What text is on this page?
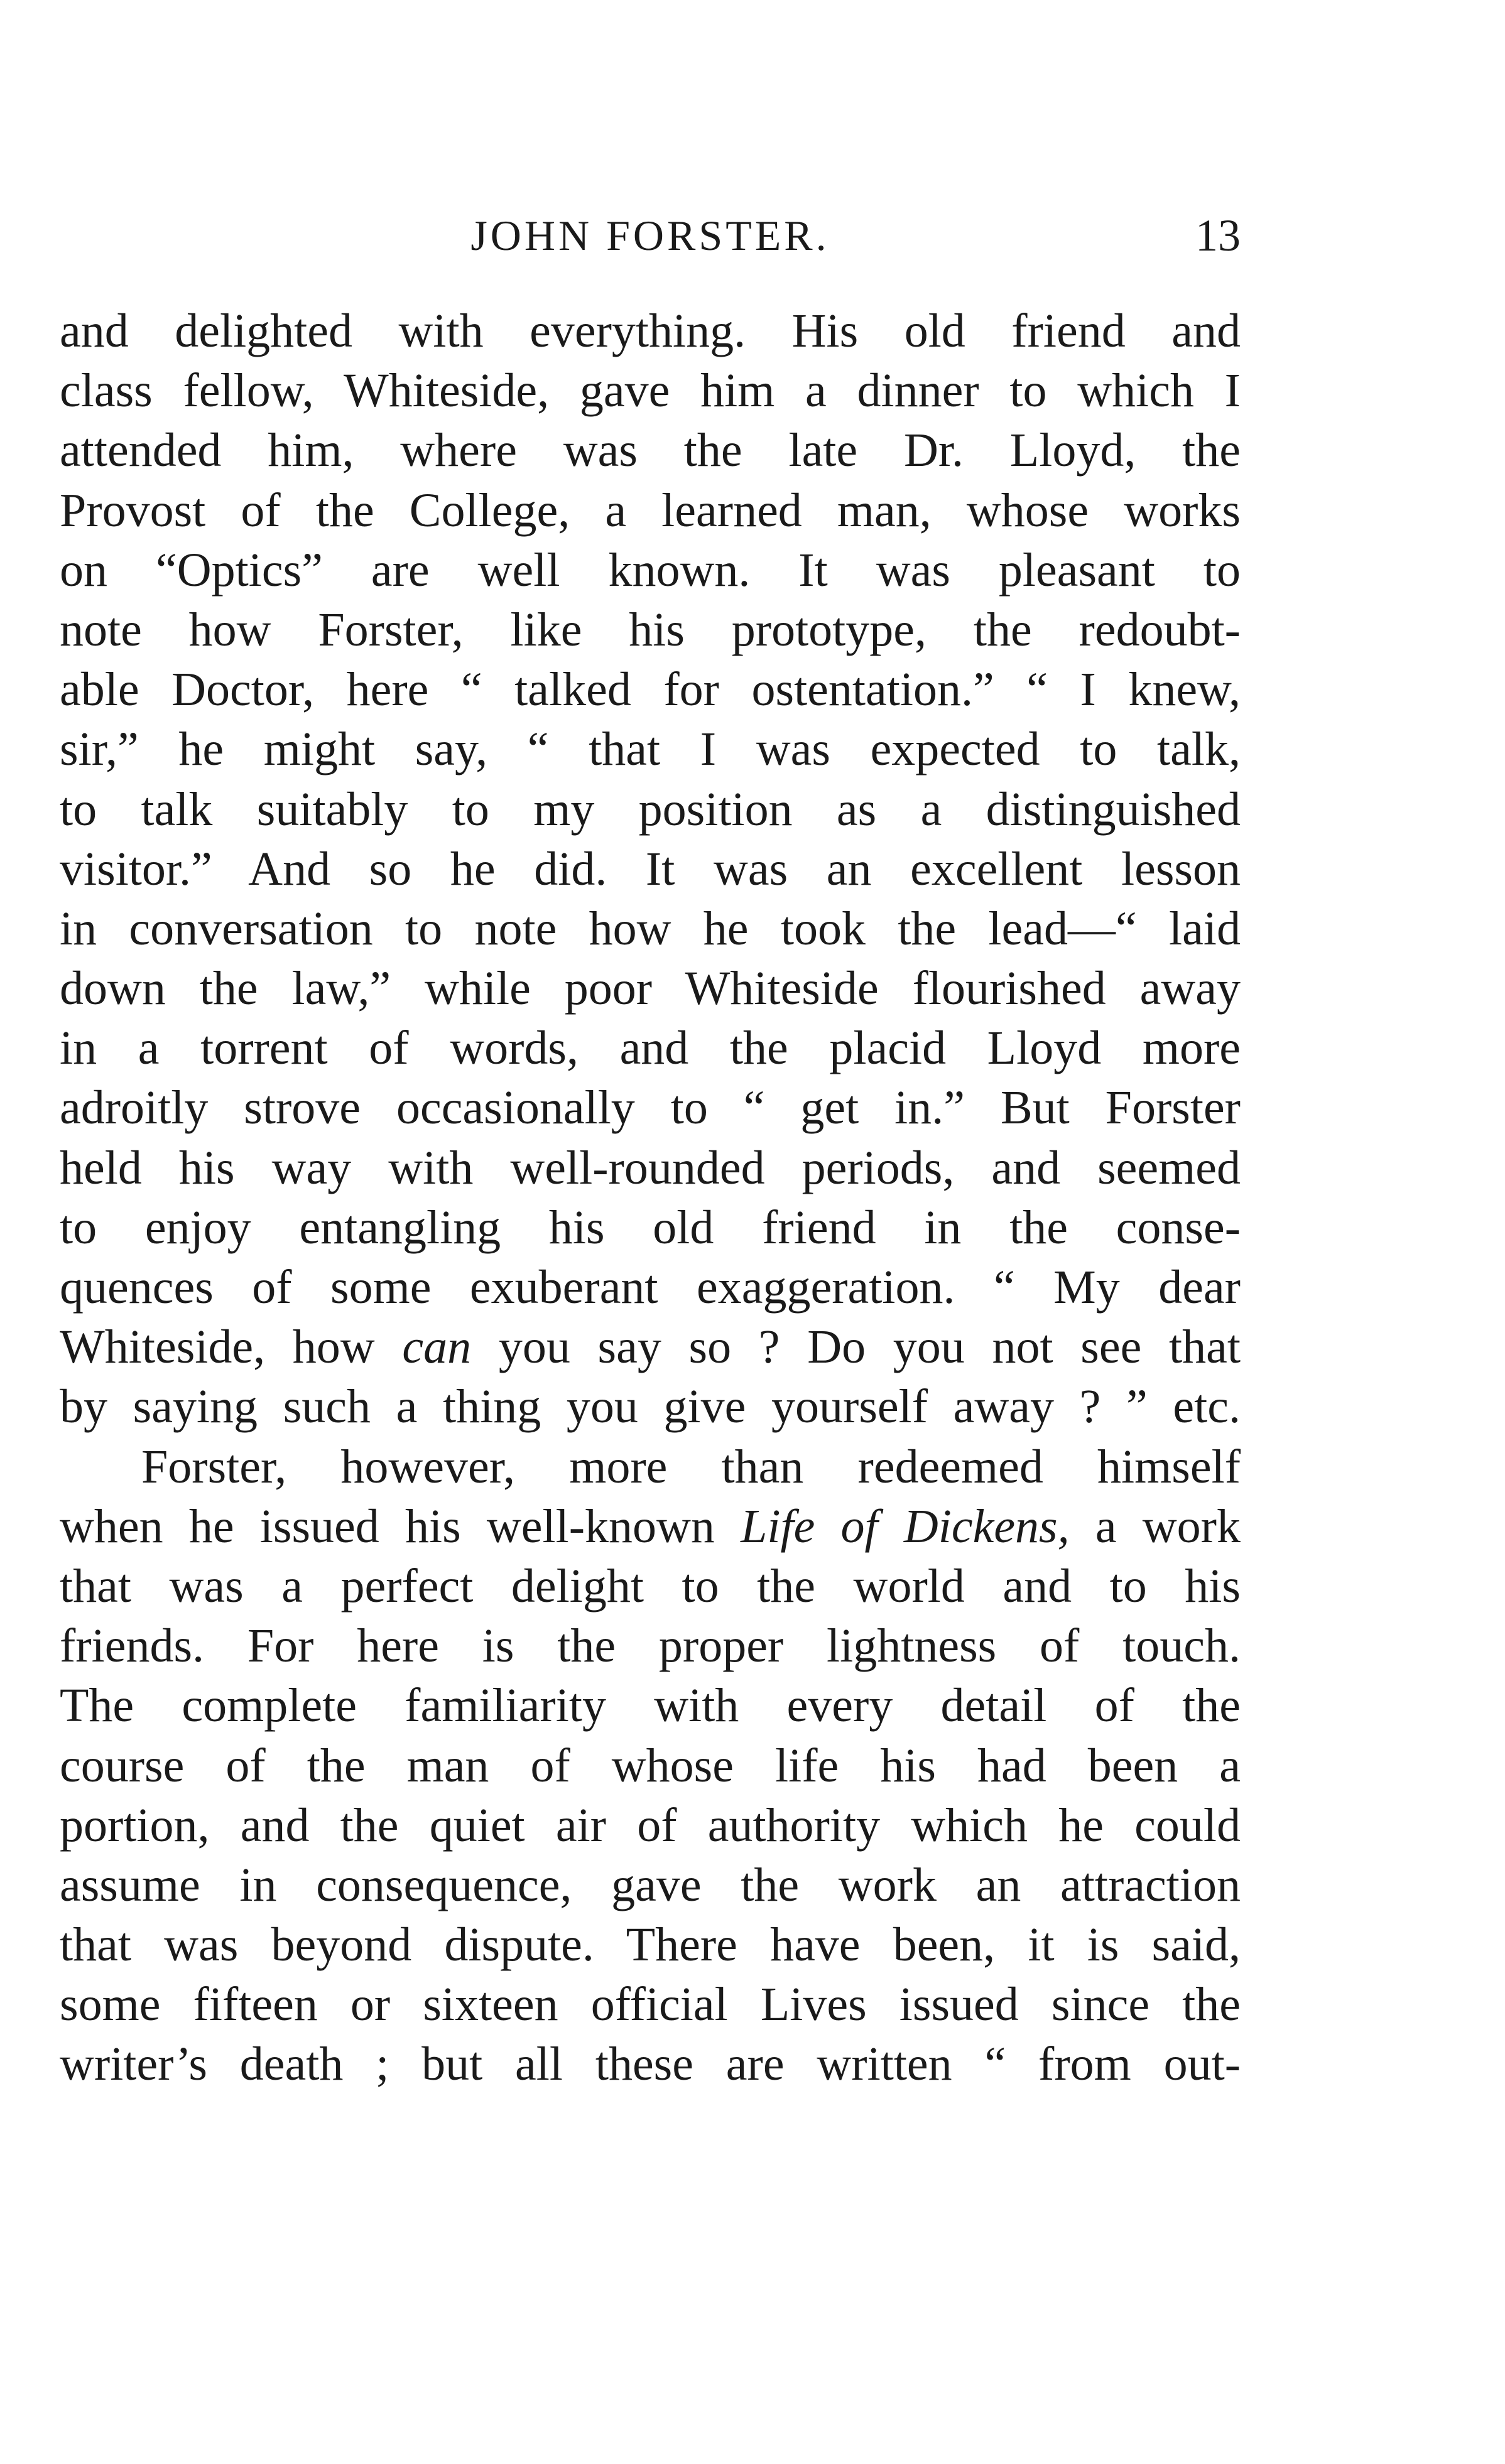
JOHN FORSTER.	13
and delighted with everything. His old friend and
class fellow, Whiteside, gave him a dinner to which I
attended him, where was the late Dr. Lloyd, the
Provost of the College, a learned man, whose works
on “Optics” are well known. It was pleasant to
note how Forster, like his prototype, the redoubt-
able Doctor, here “ talked for ostentation.” “ I knew,
sir,” he might say, “ that I was expected to talk,
to talk suitably to my position as a distinguished
visitor.” And so he did. It was an excellent lesson
in conversation to note how he took the lead—“ laid
down the law,” while poor Whiteside flourished away
in a torrent of words, and the placid Lloyd more
adroitly strove occasionally to “ get in.” But Forster
held his way with well-rounded periods, and seemed
to enjoy entangling his old friend in the conse-
quences of some exuberant exaggeration. “ My dear
Whiteside, how can you say so ? Do you not see that
by saying such a thing you give yourself away ? ” etc.
Forster, however, more than redeemed himself
when he issued his well-known Life of Dickens, a work
that was a perfect delight to the world and to his
friends. For here is the proper lightness of touch.
The complete familiarity with every detail of the
course of the man of whose life his had been a
portion, and the quiet air of authority which he could
assume in consequence, gave the work an attraction
that was beyond dispute. There have been, it is said,
some fifteen or sixteen official Lives issued since the
writer’s death ; but all these are written “ from out-
